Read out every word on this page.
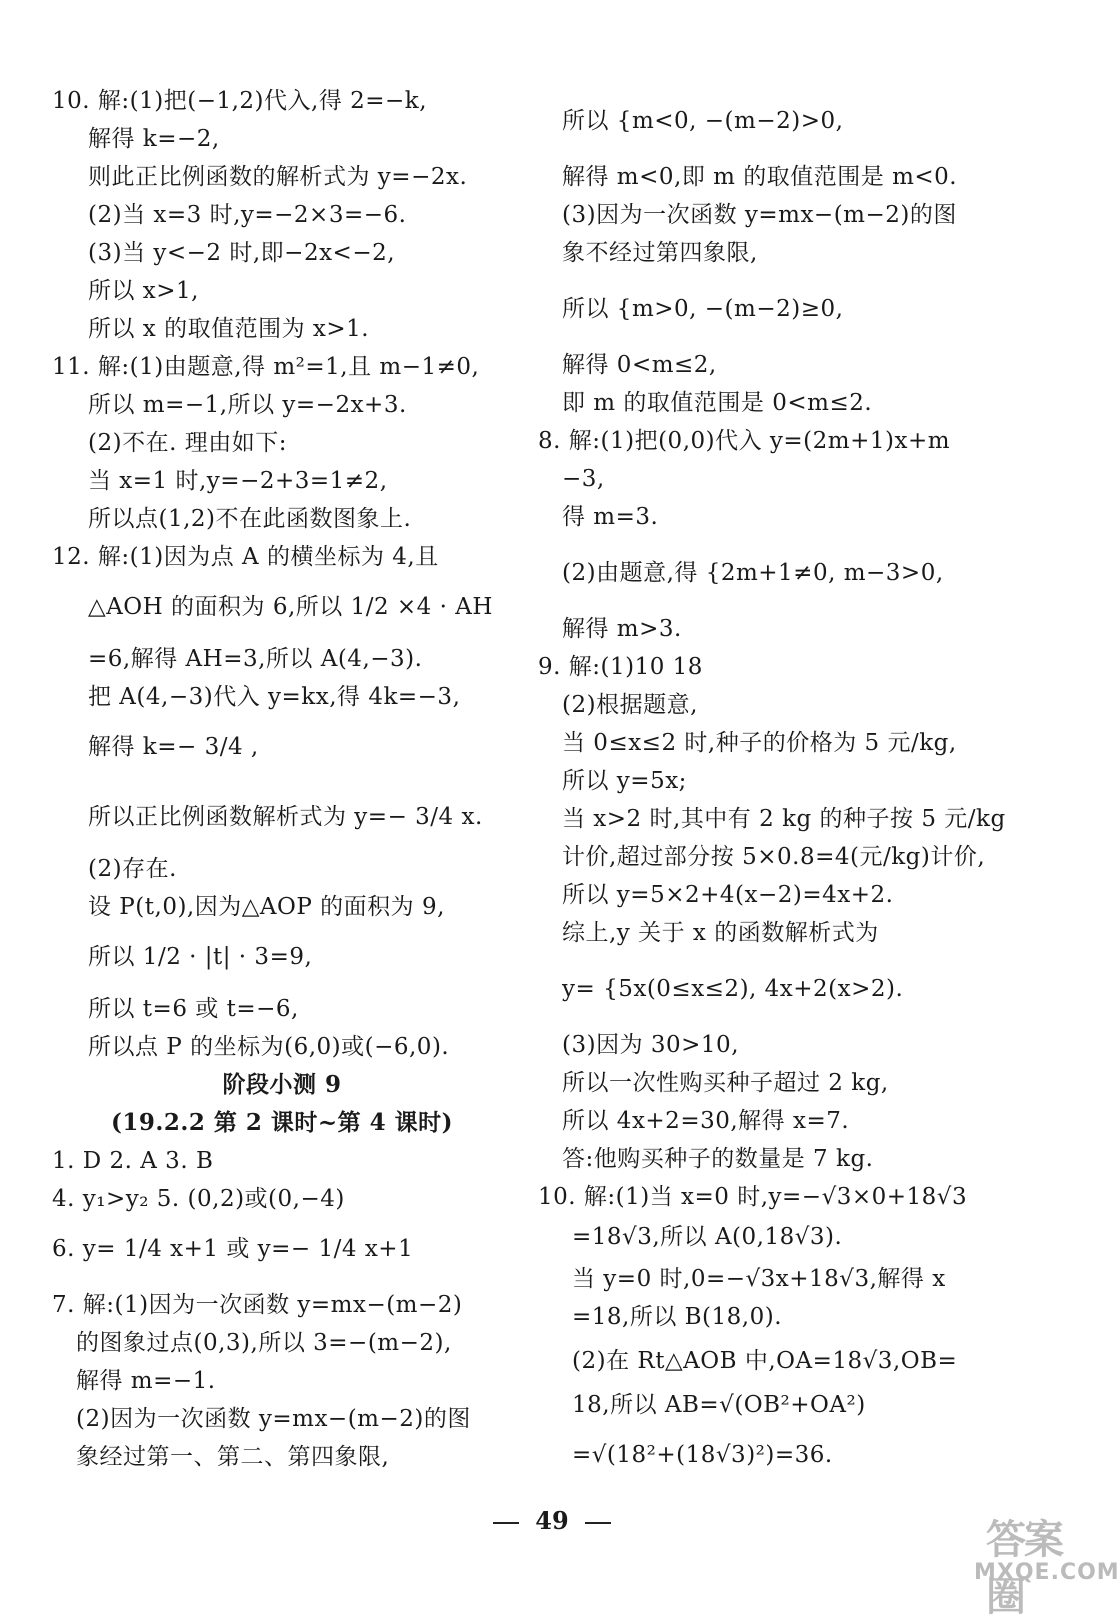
10. 解:(1)把(−1,2)代入,得 2=−k,
解得 k=−2,
则此正比例函数的解析式为 y=−2x.
(2)当 x=3 时,y=−2×3=−6.
(3)当 y<−2 时,即−2x<−2,
所以 x>1,
所以 x 的取值范围为 x>1.
11. 解:(1)由题意,得 m²=1,且 m−1≠0,
所以 m=−1,所以 y=−2x+3.
(2)不在. 理由如下:
当 x=1 时,y=−2+3=1≠2,
所以点(1,2)不在此函数图象上.
12. 解:(1)因为点 A 的横坐标为 4,且
△AOH 的面积为 6,所以 1/2 ×4 · AH
=6,解得 AH=3,所以 A(4,−3).
把 A(4,−3)代入 y=kx,得 4k=−3,
解得 k=− 3/4 ,
所以正比例函数解析式为 y=− 3/4 x.
(2)存在.
设 P(t,0),因为△AOP 的面积为 9,
所以 1/2 · |t| · 3=9,
所以 t=6 或 t=−6,
所以点 P 的坐标为(6,0)或(−6,0).
阶段小测 9
(19.2.2 第 2 课时~第 4 课时)
1. D 2. A 3. B
4. y₁>y₂ 5. (0,2)或(0,−4)
6. y= 1/4 x+1 或 y=− 1/4 x+1
7. 解:(1)因为一次函数 y=mx−(m−2)
的图象过点(0,3),所以 3=−(m−2),
解得 m=−1.
(2)因为一次函数 y=mx−(m−2)的图
象经过第一、第二、第四象限,
所以 {m<0, −(m−2)>0,
解得 m<0,即 m 的取值范围是 m<0.
(3)因为一次函数 y=mx−(m−2)的图
象不经过第四象限,
所以 {m>0, −(m−2)≥0,
解得 0<m≤2,
即 m 的取值范围是 0<m≤2.
8. 解:(1)把(0,0)代入 y=(2m+1)x+m
−3,
得 m=3.
(2)由题意,得 {2m+1≠0, m−3>0,
解得 m>3.
9. 解:(1)10 18
(2)根据题意,
当 0≤x≤2 时,种子的价格为 5 元/kg,
所以 y=5x;
当 x>2 时,其中有 2 kg 的种子按 5 元/kg
计价,超过部分按 5×0.8=4(元/kg)计价,
所以 y=5×2+4(x−2)=4x+2.
综上,y 关于 x 的函数解析式为
y= {5x(0≤x≤2), 4x+2(x>2).
(3)因为 30>10,
所以一次性购买种子超过 2 kg,
所以 4x+2=30,解得 x=7.
答:他购买种子的数量是 7 kg.
10. 解:(1)当 x=0 时,y=−√3×0+18√3
=18√3,所以 A(0,18√3).
当 y=0 时,0=−√3x+18√3,解得 x
=18,所以 B(18,0).
(2)在 Rt△AOB 中,OA=18√3,OB=
18,所以 AB=√(OB²+OA²)
=√(18²+(18√3)²)=36.
49	答案圈
MXQE.COM
